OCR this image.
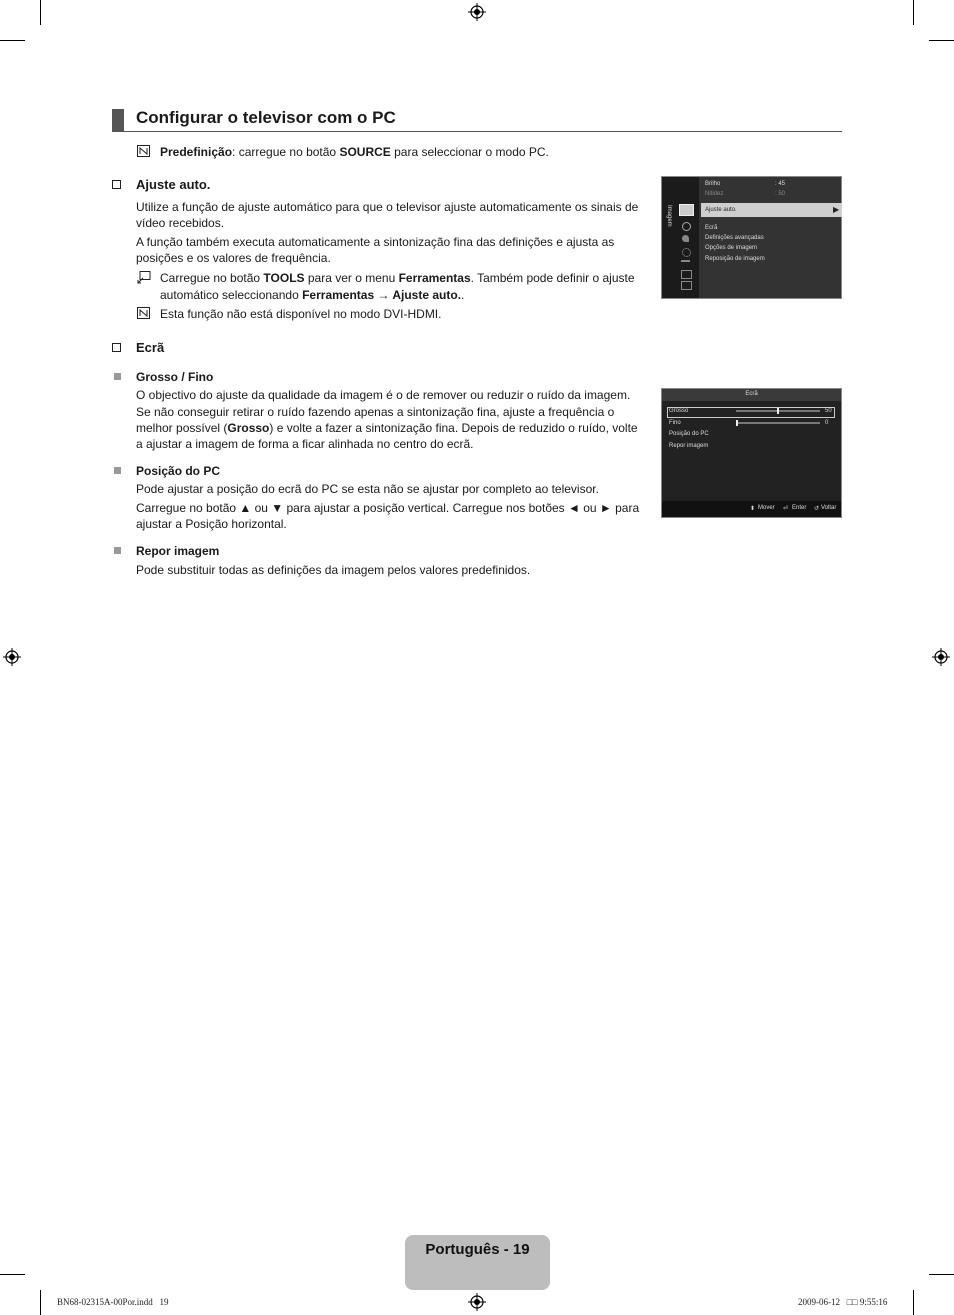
Configurar o televisor com o PC
Predefinição: carregue no botão SOURCE para seleccionar o modo PC.
Ajuste auto.
Utilize a função de ajuste automático para que o televisor ajuste automaticamente os sinais de
vídeo recebidos.
A função também executa automaticamente a sintonização fina das definições e ajusta as
posições e os valores de frequência.
Carregue no botão TOOLS para ver o menu Ferramentas. Também pode definir o ajuste
automático seleccionando Ferramentas → Ajuste auto..
Esta função não está disponível no modo DVI-HDMI.
Ecrã
Grosso / Fino
O objectivo do ajuste da qualidade da imagem é o de remover ou reduzir o ruído da imagem.
Se não conseguir retirar o ruído fazendo apenas a sintonização fina, ajuste a frequência o
melhor possível (Grosso) e volte a fazer a sintonização fina. Depois de reduzido o ruído, volte
a ajustar a imagem de forma a ficar alinhada no centro do ecrã.
Posição do PC
Pode ajustar a posição do ecrã do PC se esta não se ajustar por completo ao televisor.
Carregue no botão ▲ ou ▼ para ajustar a posição vertical. Carregue nos botões ◄ ou ► para
ajustar a Posição horizontal.
Repor imagem
Pode substituir todas as definições da imagem pelos valores predefinidos.
Imagem
Brilho	: 45
Nitidez	: 50
Ajuste auto.	▶
Ecrã
Definições avançadas
Opções de imagem
Reposição de imagem
Ecrã
Grosso	50
Fino	0
Posição do PC
Repor imagem
⬍ Mover ⏎ Enter ↺ Voltar
Português - 19
BN68-02315A-00Por.indd   19	2009-06-12   □□ 9:55:16
